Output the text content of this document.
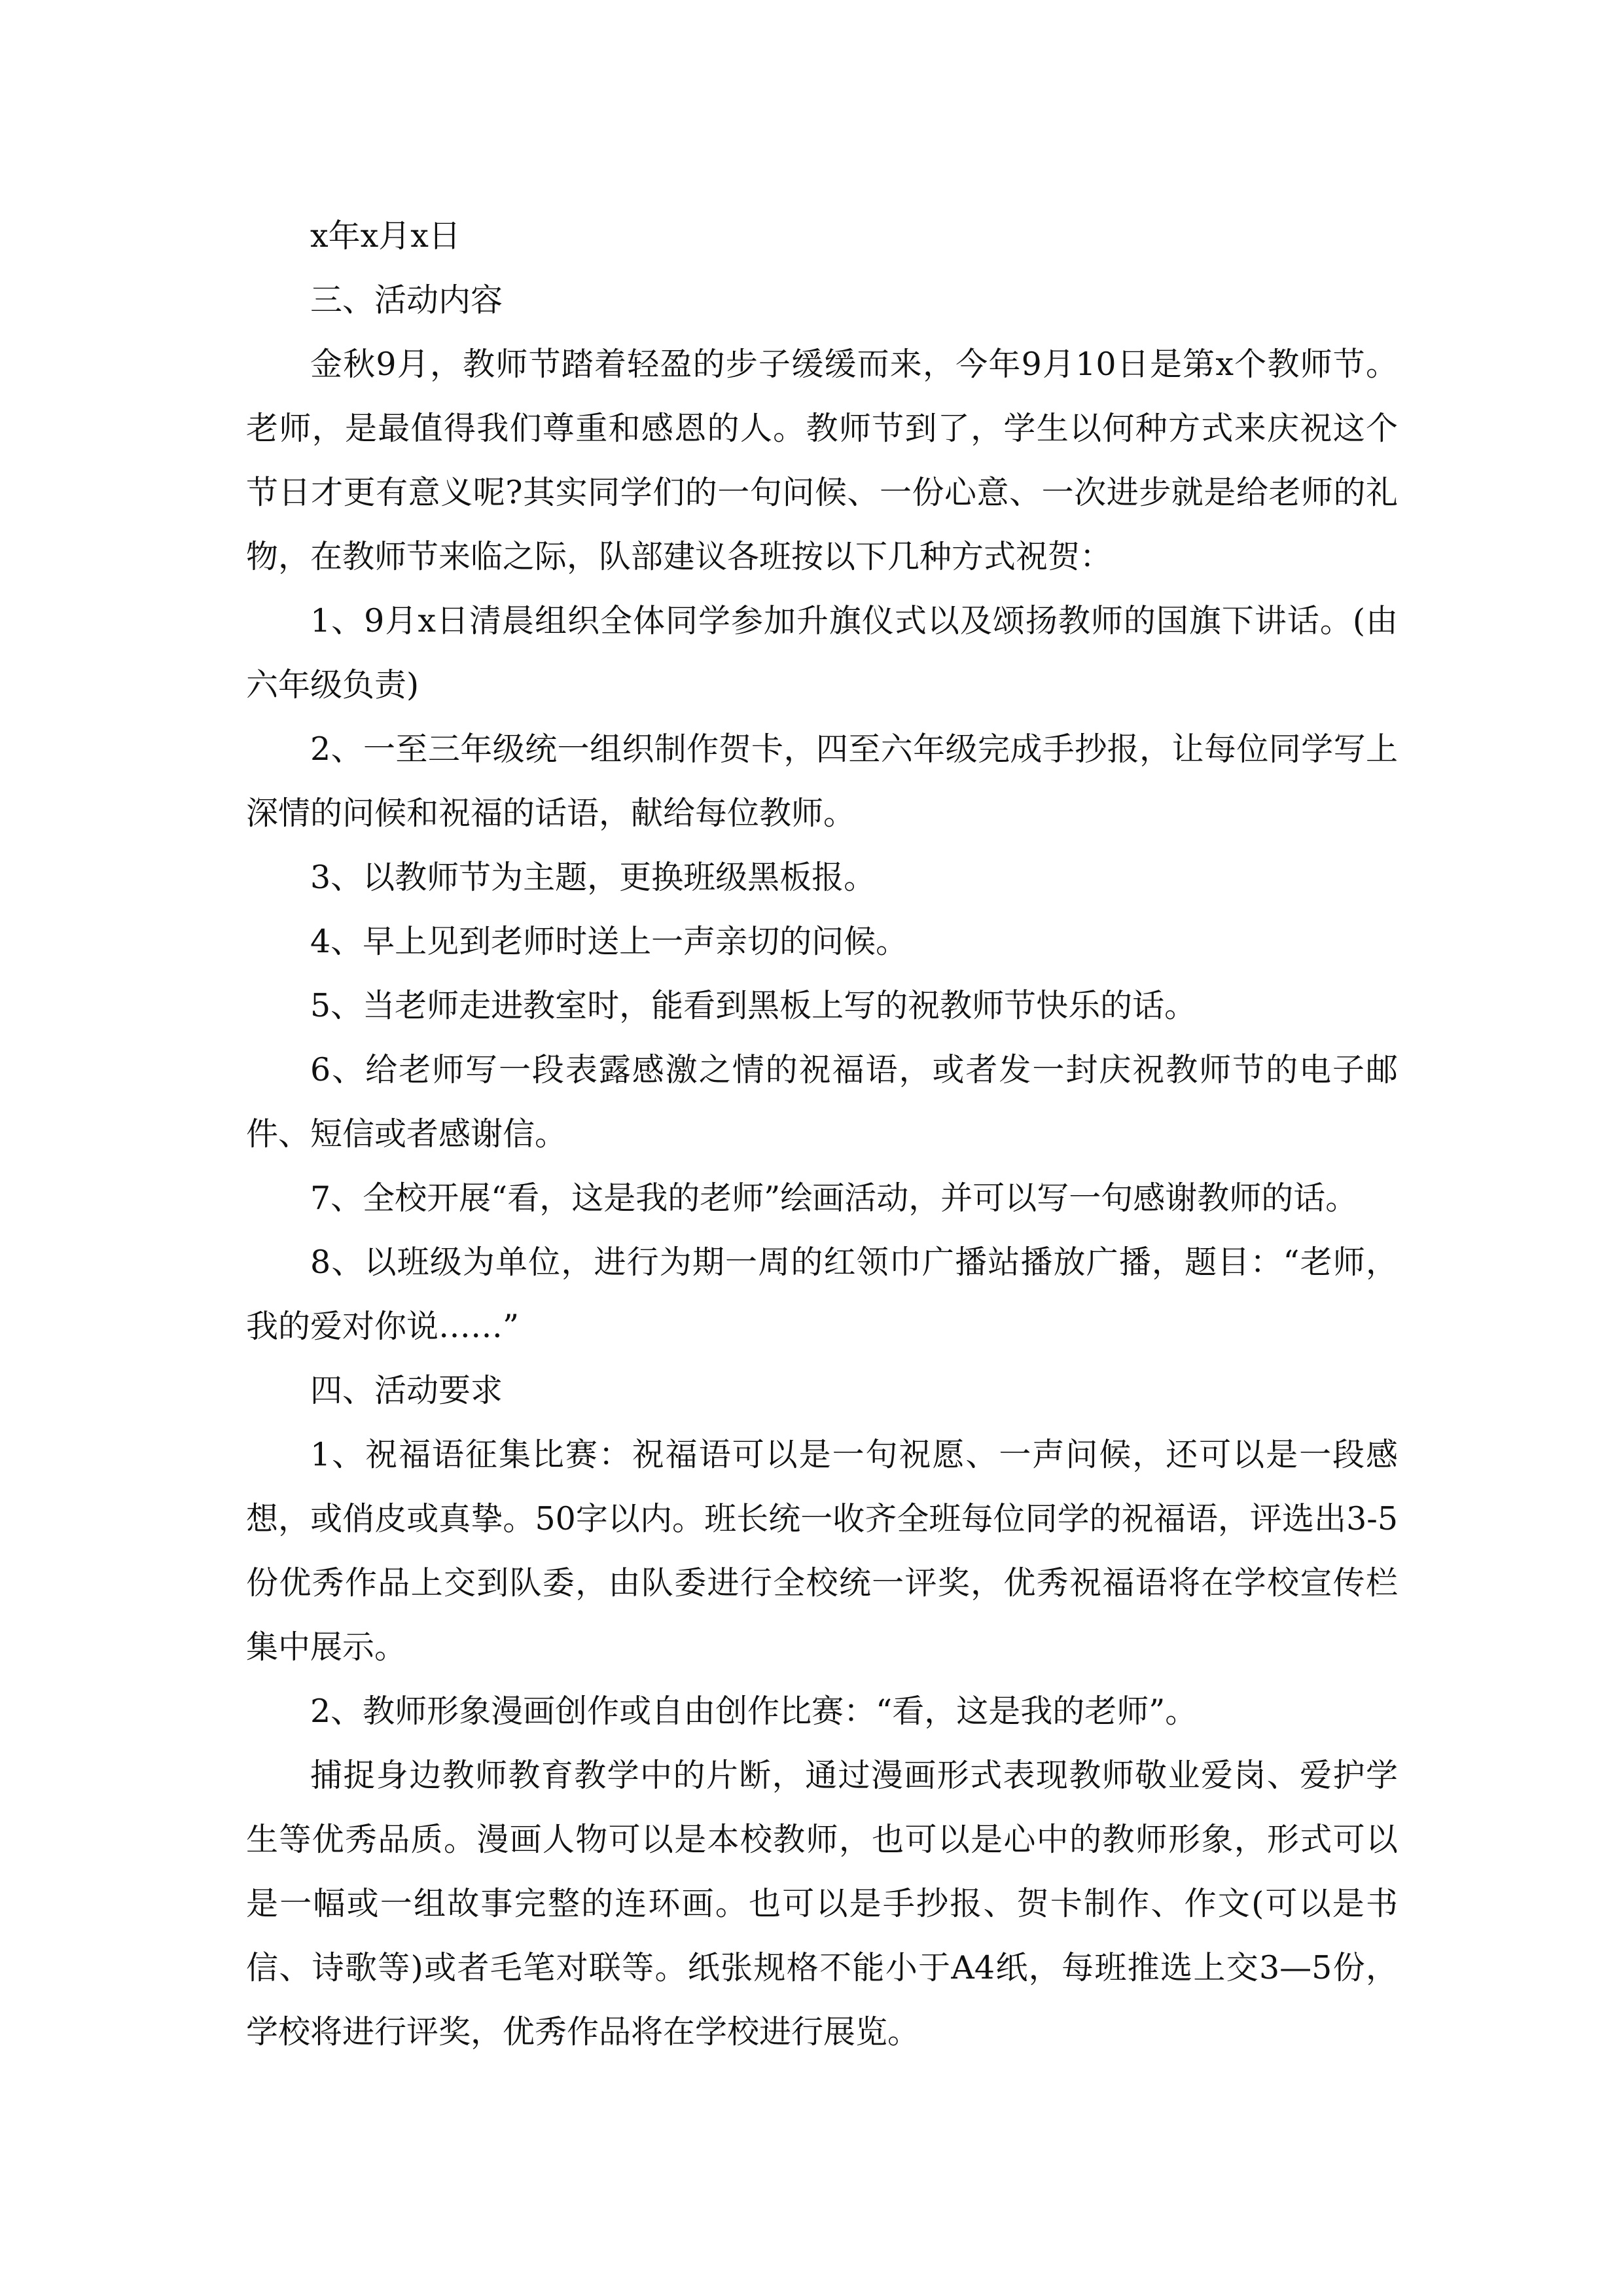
x年x月x日

三、活动内容

金秋9月，教师节踏着轻盈的步子缓缓而来，今年9月10日是第x个教师节。老师，是最值得我们尊重和感恩的人。教师节到了，学生以何种方式来庆祝这个节日才更有意义呢?其实同学们的一句问候、一份心意、一次进步就是给老师的礼物，在教师节来临之际，队部建议各班按以下几种方式祝贺：

1、9月x日清晨组织全体同学参加升旗仪式以及颂扬教师的国旗下讲话。(由六年级负责)

2、一至三年级统一组织制作贺卡，四至六年级完成手抄报，让每位同学写上深情的问候和祝福的话语，献给每位教师。

3、以教师节为主题，更换班级黑板报。

4、早上见到老师时送上一声亲切的问候。

5、当老师走进教室时，能看到黑板上写的祝教师节快乐的话。

6、给老师写一段表露感激之情的祝福语，或者发一封庆祝教师节的电子邮件、短信或者感谢信。

7、全校开展“看，这是我的老师”绘画活动，并可以写一句感谢教师的话。

8、以班级为单位，进行为期一周的红领巾广播站播放广播，题目：“老师，我的爱对你说……”

四、活动要求

1、祝福语征集比赛：祝福语可以是一句祝愿、一声问候，还可以是一段感想，或俏皮或真挚。50字以内。班长统一收齐全班每位同学的祝福语，评选出3-5份优秀作品上交到队委，由队委进行全校统一评奖，优秀祝福语将在学校宣传栏集中展示。

2、教师形象漫画创作或自由创作比赛：“看，这是我的老师”。

捕捉身边教师教育教学中的片断，通过漫画形式表现教师敬业爱岗、爱护学生等优秀品质。漫画人物可以是本校教师，也可以是心中的教师形象，形式可以是一幅或一组故事完整的连环画。也可以是手抄报、贺卡制作、作文(可以是书信、诗歌等)或者毛笔对联等。纸张规格不能小于A4纸，每班推选上交3—5份，学校将进行评奖，优秀作品将在学校进行展览。
